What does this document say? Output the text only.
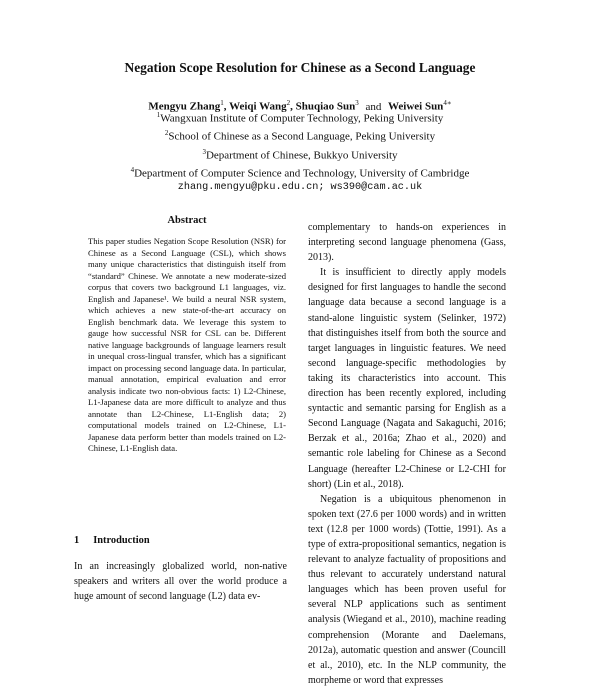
Negation Scope Resolution for Chinese as a Second Language
Mengyu Zhang$^1$, Weiqi Wang$^2$, Shuqiao Sun$^3$ and Weiwei Sun$^{4∗}$
$^1$Wangxuan Institute of Computer Technology, Peking University
$^2$School of Chinese as a Second Language, Peking University
$^3$Department of Chinese, Bukkyo University
$^4$Department of Computer Science and Technology, University of Cambridge
zhang.mengyu@pku.edu.cn; ws390@cam.ac.uk
Abstract

This paper studies Negation Scope Resolution (NSR) for Chinese as a Second Language (CSL), which shows many unique characteristics that distinguish itself from “standard” Chinese. We annotate a new moderate-sized corpus that covers two background L1 languages, viz. English and Japanese¹. We build a neural NSR system, which achieves a new state-of-the-art accuracy on English benchmark data. We leverage this system to gauge how successful NSR for CSL can be. Different native language backgrounds of language learners result in unequal cross-lingual transfer, which has a significant impact on processing second language data. In particular, manual annotation, empirical evaluation and error analysis indicate two non-obvious facts: 1) L2-Chinese, L1-Japanese data are more difficult to analyze and thus annotate than L2-Chinese, L1-English data; 2) computational models trained on L2-Chinese, L1-Japanese data perform better than models trained on L2-Chinese, L1-English data.

1 Introduction

In an increasingly globalized world, non-native speakers and writers all over the world produce a huge amount of second language (L2) data ev-

complementary to hands-on experiences in interpreting second language phenomena (Gass, 2013).

It is insufficient to directly apply models designed for first languages to handle the second language data because a second language is a stand-alone linguistic system (Selinker, 1972) that distinguishes itself from both the source and target languages in linguistic features. We need second language-specific methodologies by taking its characteristics into account. This direction has been recently explored, including syntactic and semantic parsing for English as a Second Language (Nagata and Sakaguchi, 2016; Berzak et al., 2016a; Zhao et al., 2020) and semantic role labeling for Chinese as a Second Language (hereafter L2-Chinese or L2-CHI for short) (Lin et al., 2018).

Negation is a ubiquitous phenomenon in spoken text (27.6 per 1000 words) and in written text (12.8 per 1000 words) (Tottie, 1991). As a type of extra-propositional semantics, negation is relevant to analyze factuality of propositions and thus relevant to accurately understand natural languages which has been proven useful for several NLP applications such as sentiment analysis (Wiegand et al., 2010), machine reading comprehension (Morante and Daelemans, 2012a), automatic question and answer (Councill et al., 2010), etc. In the NLP community, the morpheme or word that expresses
